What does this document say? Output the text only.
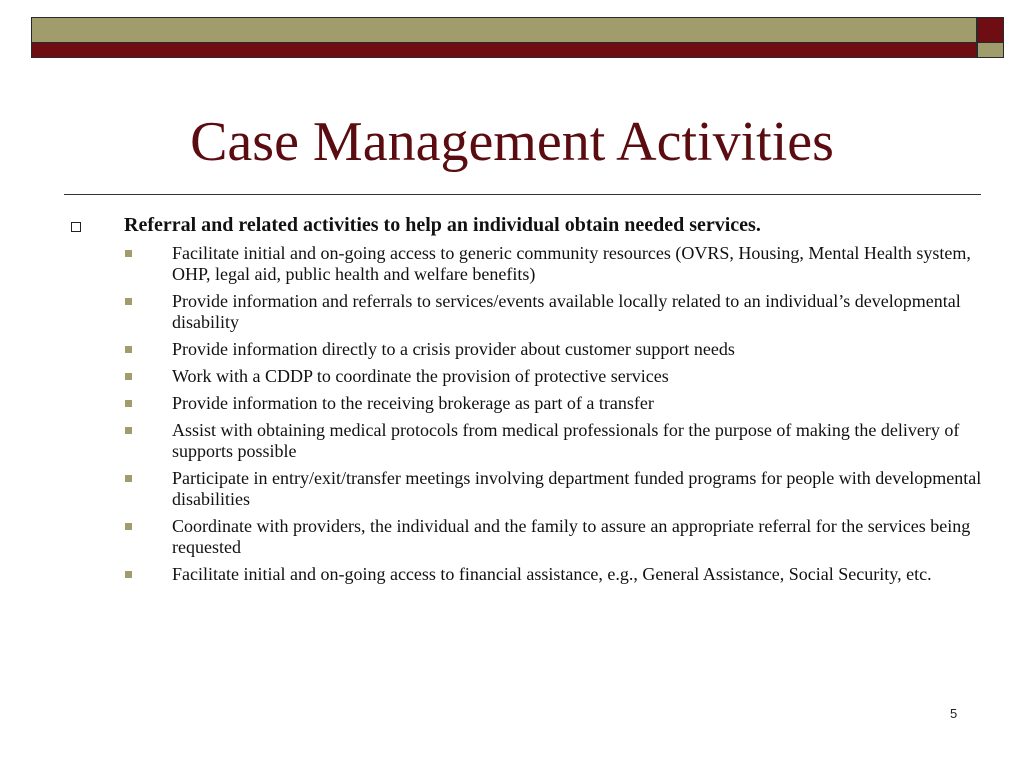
Case Management Activities
Referral and related activities to help an individual obtain needed services.
Facilitate initial and on-going access to generic community resources (OVRS, Housing, Mental Health system, OHP, legal aid, public health and welfare benefits)
Provide information and referrals to services/events available locally related to an individual’s developmental disability
Provide information directly to a crisis provider about customer support needs
Work with a CDDP to coordinate the provision of protective services
Provide information to the receiving brokerage as part of a transfer
Assist with obtaining medical protocols from medical professionals for the purpose of making the delivery of supports possible
Participate in entry/exit/transfer meetings involving department funded programs for people with developmental disabilities
Coordinate with providers, the individual and the family to assure an appropriate referral for the services being requested
Facilitate initial and on-going access to financial assistance, e.g., General Assistance, Social Security, etc.
5
